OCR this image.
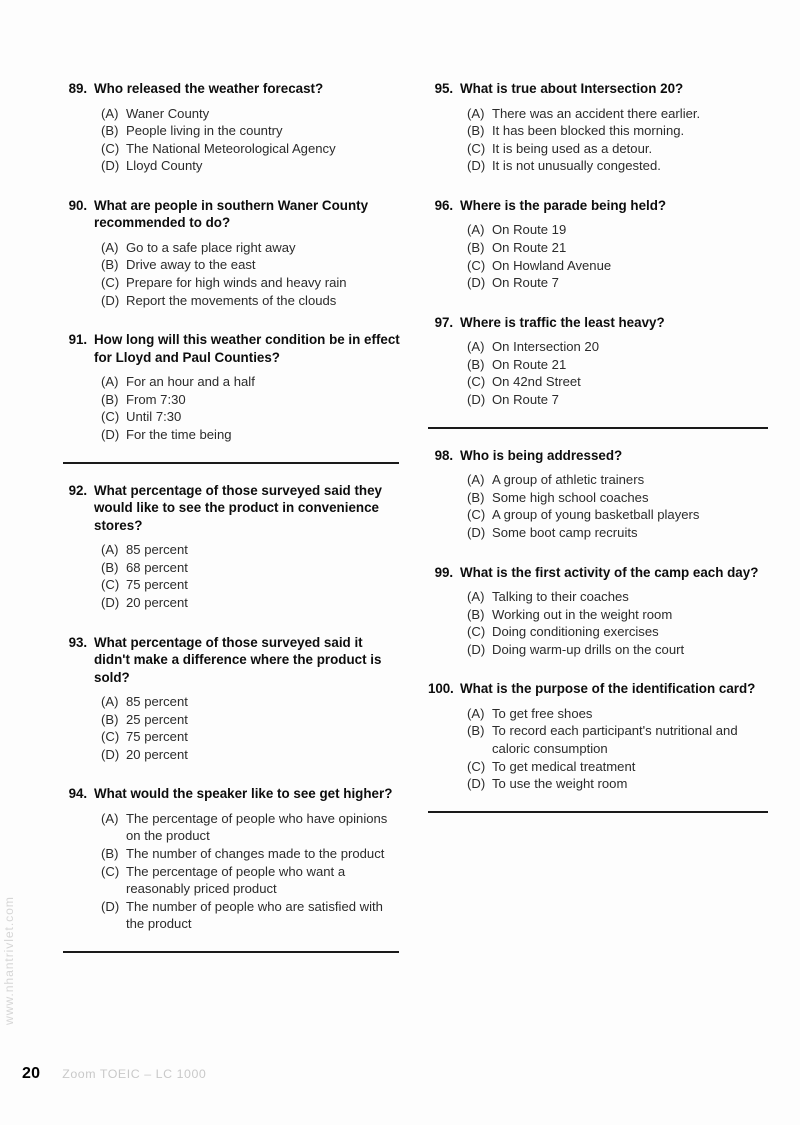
89. Who released the weather forecast?
(A) Waner County
(B) People living in the country
(C) The National Meteorological Agency
(D) Lloyd County
90. What are people in southern Waner County recommended to do?
(A) Go to a safe place right away
(B) Drive away to the east
(C) Prepare for high winds and heavy rain
(D) Report the movements of the clouds
91. How long will this weather condition be in effect for Lloyd and Paul Counties?
(A) For an hour and a half
(B) From 7:30
(C) Until 7:30
(D) For the time being
92. What percentage of those surveyed said they would like to see the product in convenience stores?
(A) 85 percent
(B) 68 percent
(C) 75 percent
(D) 20 percent
93. What percentage of those surveyed said it didn't make a difference where the product is sold?
(A) 85 percent
(B) 25 percent
(C) 75 percent
(D) 20 percent
94. What would the speaker like to see get higher?
(A) The percentage of people who have opinions on the product
(B) The number of changes made to the product
(C) The percentage of people who want a reasonably priced product
(D) The number of people who are satisfied with the product
95. What is true about Intersection 20?
(A) There was an accident there earlier.
(B) It has been blocked this morning.
(C) It is being used as a detour.
(D) It is not unusually congested.
96. Where is the parade being held?
(A) On Route 19
(B) On Route 21
(C) On Howland Avenue
(D) On Route 7
97. Where is traffic the least heavy?
(A) On Intersection 20
(B) On Route 21
(C) On 42nd Street
(D) On Route 7
98. Who is being addressed?
(A) A group of athletic trainers
(B) Some high school coaches
(C) A group of young basketball players
(D) Some boot camp recruits
99. What is the first activity of the camp each day?
(A) Talking to their coaches
(B) Working out in the weight room
(C) Doing conditioning exercises
(D) Doing warm-up drills on the court
100. What is the purpose of the identification card?
(A) To get free shoes
(B) To record each participant's nutritional and caloric consumption
(C) To get medical treatment
(D) To use the weight room
www.nhantrivlet.com
20 Zoom TOEIC – LC 1000
